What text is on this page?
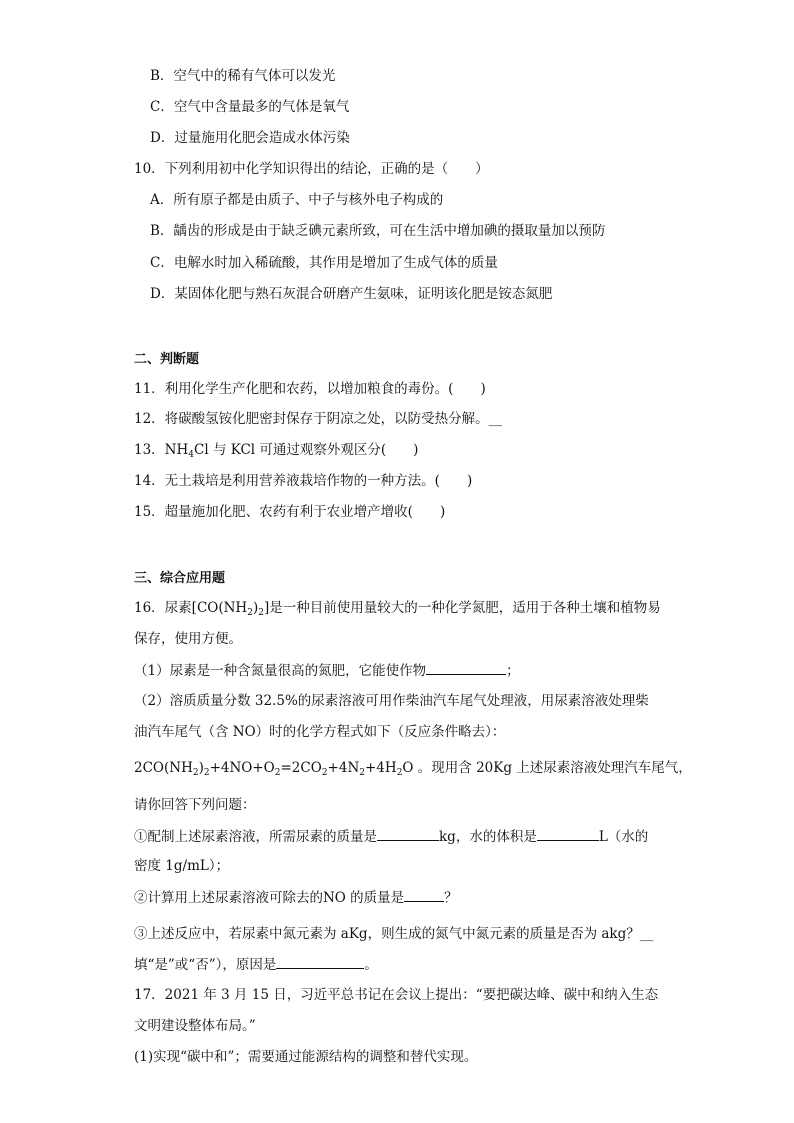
B．空气中的稀有气体可以发光
C．空气中含量最多的气体是氧气
D．过量施用化肥会造成水体污染
10．下列利用初中化学知识得出的结论，正确的是（　　）
A．所有原子都是由质子、中子与核外电子构成的
B．龋齿的形成是由于缺乏碘元素所致，可在生活中增加碘的摄取量加以预防
C．电解水时加入稀硫酸，其作用是增加了生成气体的质量
D．某固体化肥与熟石灰混合研磨产生氨味，证明该化肥是铵态氮肥
二、判断题
11．利用化学生产化肥和农药，以增加粮食的毒份。(　　)
12．将碳酸氢铵化肥密封保存于阴凉之处，以防受热分解。__
13．$NH_4Cl$ 与 KCl 可通过观察外观区分(　　)
14．无土栽培是利用营养液栽培作物的一种方法。(　　)
15．超量施加化肥、农药有利于农业增产增收(　　)
三、综合应用题
16．尿素$[CO(NH_2)_2]$是一种目前使用量较大的一种化学氮肥，适用于各种土壤和植物易
保存，使用方便。
（1）尿素是一种含氮量很高的氮肥，它能使作物	；
（2）溶质质量分数 32.5%的尿素溶液可用作柴油汽车尾气处理液，用尿素溶液处理柴
油汽车尾气（含 NO）时的化学方程式如下（反应条件略去）：
$2CO(NH_2)_2+4NO+O_2=2CO_2+4N_2+4H_2O$ 。现用含 20Kg 上述尿素溶液处理汽车尾气，
请你回答下列问题：
①配制上述尿素溶液，所需尿素的质量是	kg，水的体积是	L（水的
密度 1g/mL）；
②计算用上述尿素溶液可除去的NO 的质量是	？
③上述反应中，若尿素中氮元素为 aKg，则生成的氮气中氮元素的质量是否为 akg？__
填“是”或“否”），原因是	。
17．2021 年 3 月 15 日，习近平总书记在会议上提出：“要把碳达峰、碳中和纳入生态
文明建设整体布局。”
(1)实现“碳中和”；需要通过能源结构的调整和替代实现。
